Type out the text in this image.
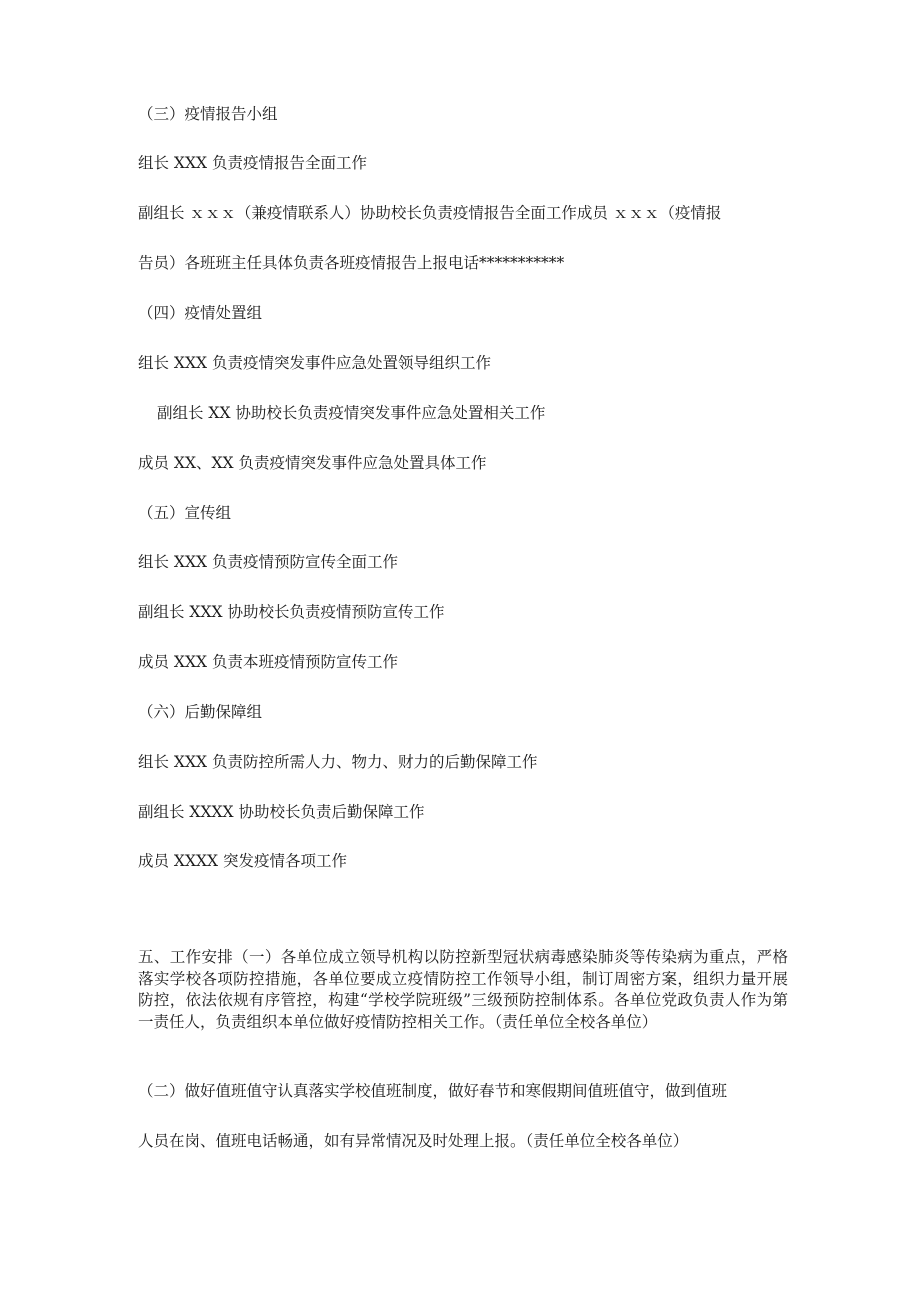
（三）疫情报告小组
组长 XXX 负责疫情报告全面工作
副组长 ｘｘｘ（兼疫情联系人）协助校长负责疫情报告全面工作成员 ｘｘｘ（疫情报
告员）各班班主任具体负责各班疫情报告上报电话***********
（四）疫情处置组
组长 XXX 负责疫情突发事件应急处置领导组织工作
副组长 XX 协助校长负责疫情突发事件应急处置相关工作
成员 XX、XX 负责疫情突发事件应急处置具体工作
（五）宣传组
组长 XXX 负责疫情预防宣传全面工作
副组长 XXX 协助校长负责疫情预防宣传工作
成员 XXX 负责本班疫情预防宣传工作
（六）后勤保障组
组长 XXX 负责防控所需人力、物力、财力的后勤保障工作
副组长 XXXX 协助校长负责后勤保障工作
成员 XXXX 突发疫情各项工作
五、工作安排（一）各单位成立领导机构以防控新型冠状病毒感染肺炎等传染病为重点，严格落实学校各项防控措施，各单位要成立疫情防控工作领导小组，制订周密方案，组织力量开展防控，依法依规有序管控，构建“学校学院班级”三级预防控制体系。各单位党政负责人作为第一责任人，负责组织本单位做好疫情防控相关工作。（责任单位全校各单位）
（二）做好值班值守认真落实学校值班制度，做好春节和寒假期间值班值守，做到值班
人员在岗、值班电话畅通，如有异常情况及时处理上报。（责任单位全校各单位）
